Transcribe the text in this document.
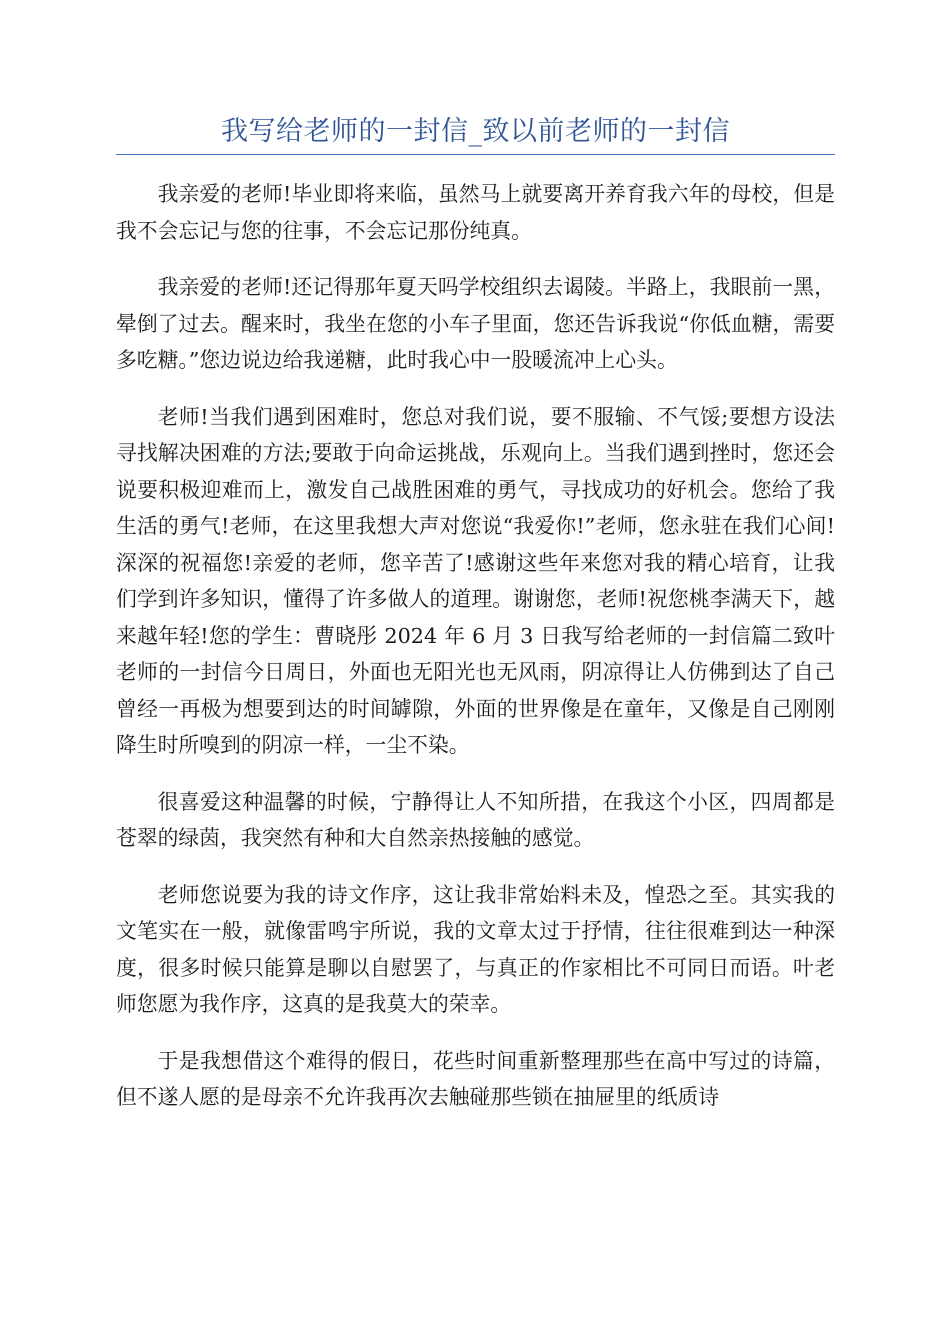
我写给老师的一封信_致以前老师的一封信

我亲爱的老师!毕业即将来临，虽然马上就要离开养育我六年的母校，但是我不会忘记与您的往事，不会忘记那份纯真。

我亲爱的老师!还记得那年夏天吗学校组织去谒陵。半路上，我眼前一黑，晕倒了过去。醒来时，我坐在您的小车子里面，您还告诉我说“你低血糖，需要多吃糖。”您边说边给我递糖，此时我心中一股暖流冲上心头。

老师!当我们遇到困难时，您总对我们说，要不服输、不气馁;要想方设法寻找解决困难的方法;要敢于向命运挑战，乐观向上。当我们遇到挫时，您还会说要积极迎难而上，激发自己战胜困难的勇气，寻找成功的好机会。您给了我生活的勇气!老师，在这里我想大声对您说“我爱你!”老师，您永驻在我们心间!深深的祝福您!亲爱的老师，您辛苦了!感谢这些年来您对我的精心培育，让我们学到许多知识，懂得了许多做人的道理。谢谢您，老师!祝您桃李满天下，越来越年轻!您的学生：曹晓彤 2024 年 6 月 3 日我写给老师的一封信篇二致叶老师的一封信今日周日，外面也无阳光也无风雨，阴凉得让人仿佛到达了自己曾经一再极为想要到达的时间罅隙，外面的世界像是在童年，又像是自己刚刚降生时所嗅到的阴凉一样，一尘不染。

很喜爱这种温馨的时候，宁静得让人不知所措，在我这个小区，四周都是苍翠的绿茵，我突然有种和大自然亲热接触的感觉。

老师您说要为我的诗文作序，这让我非常始料未及，惶恐之至。其实我的文笔实在一般，就像雷鸣宇所说，我的文章太过于抒情，往往很难到达一种深度，很多时候只能算是聊以自慰罢了，与真正的作家相比不可同日而语。叶老师您愿为我作序，这真的是我莫大的荣幸。

于是我想借这个难得的假日，花些时间重新整理那些在高中写过的诗篇，但不遂人愿的是母亲不允许我再次去触碰那些锁在抽屉里的纸质诗
